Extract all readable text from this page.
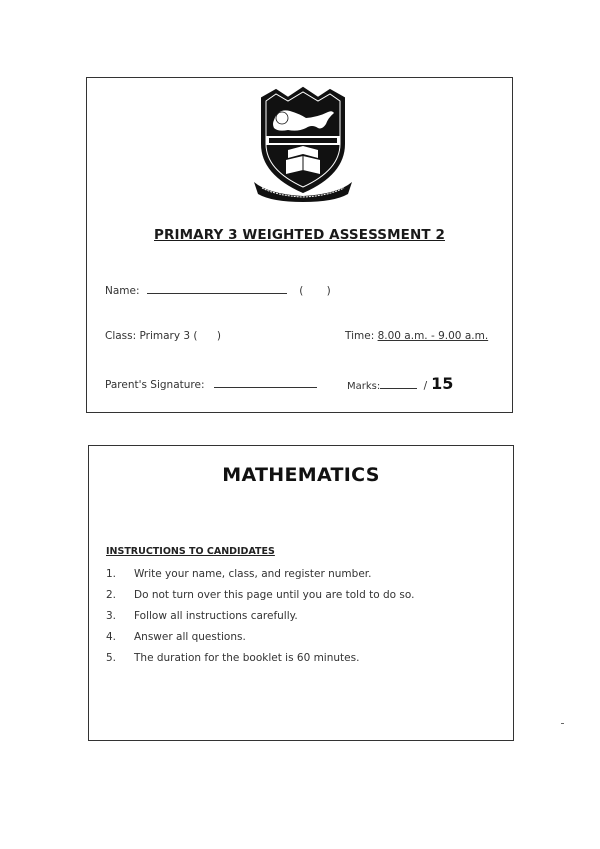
PRIMARY 3 WEIGHTED ASSESSMENT 2
Name:	( )
Class: Primary 3 ( )	Time: 8.00 a.m. - 9.00 a.m.
Parent's Signature:	Marks:	/ 15
MATHEMATICS
INSTRUCTIONS TO CANDIDATES
1. Write your name, class, and register number.
2. Do not turn over this page until you are told to do so.
3. Follow all instructions carefully.
4. Answer all questions.
5. The duration for the booklet is 60 minutes.
